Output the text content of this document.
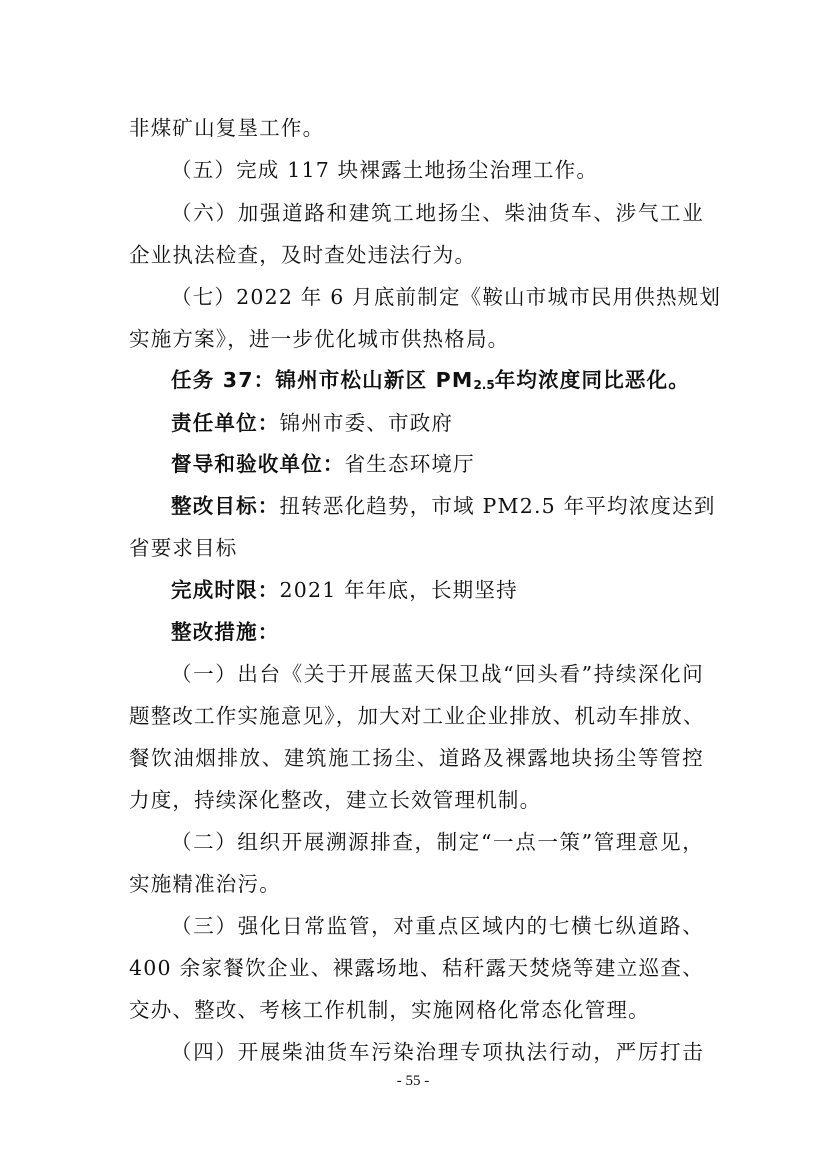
非煤矿山复垦工作。
（五）完成 117 块裸露土地扬尘治理工作。
（六）加强道路和建筑工地扬尘、柴油货车、涉气工业
企业执法检查，及时查处违法行为。
（七）2022 年 6 月底前制定《鞍山市城市民用供热规划
实施方案》，进一步优化城市供热格局。
任务 37：锦州市松山新区 $PM_{2.5}$年均浓度同比恶化。
责任单位：锦州市委、市政府
督导和验收单位：省生态环境厅
整改目标：扭转恶化趋势，市域 PM2.5 年平均浓度达到
省要求目标
完成时限：2021 年年底，长期坚持
整改措施：
（一）出台《关于开展蓝天保卫战“回头看”持续深化问
题整改工作实施意见》，加大对工业企业排放、机动车排放、
餐饮油烟排放、建筑施工扬尘、道路及裸露地块扬尘等管控
力度，持续深化整改，建立长效管理机制。
（二）组织开展溯源排查，制定“一点一策”管理意见，
实施精准治污。
（三）强化日常监管，对重点区域内的七横七纵道路、
400 余家餐饮企业、裸露场地、秸秆露天焚烧等建立巡查、
交办、整改、考核工作机制，实施网格化常态化管理。
（四）开展柴油货车污染治理专项执法行动，严厉打击
- 55 -
